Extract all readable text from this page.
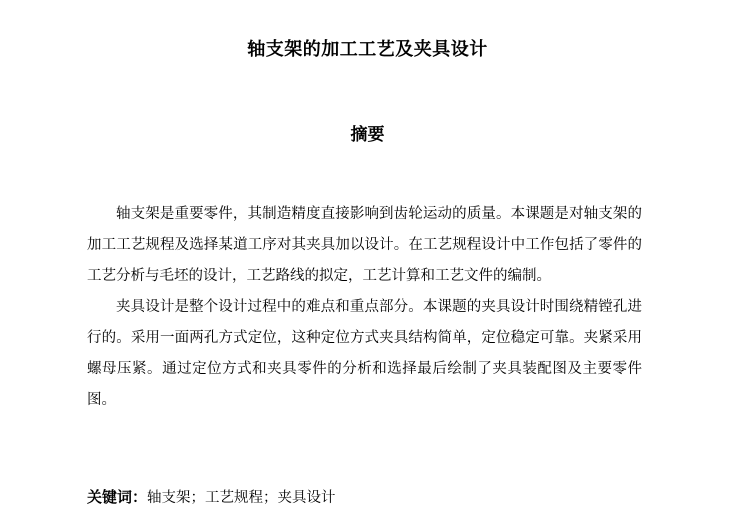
轴支架的加工工艺及夹具设计
摘要

轴支架是重要零件，其制造精度直接影响到齿轮运动的质量。本课题是对轴支架的加工工艺规程及选择某道工序对其夹具加以设计。在工艺规程设计中工作包括了零件的工艺分析与毛坯的设计，工艺路线的拟定，工艺计算和工艺文件的编制。

夹具设计是整个设计过程中的难点和重点部分。本课题的夹具设计时围绕精镗孔进行的。采用一面两孔方式定位，这种定位方式夹具结构简单，定位稳定可靠。夹紧采用螺母压紧。通过定位方式和夹具零件的分析和选择最后绘制了夹具装配图及主要零件图。

关键词：轴支架；工艺规程；夹具设计
